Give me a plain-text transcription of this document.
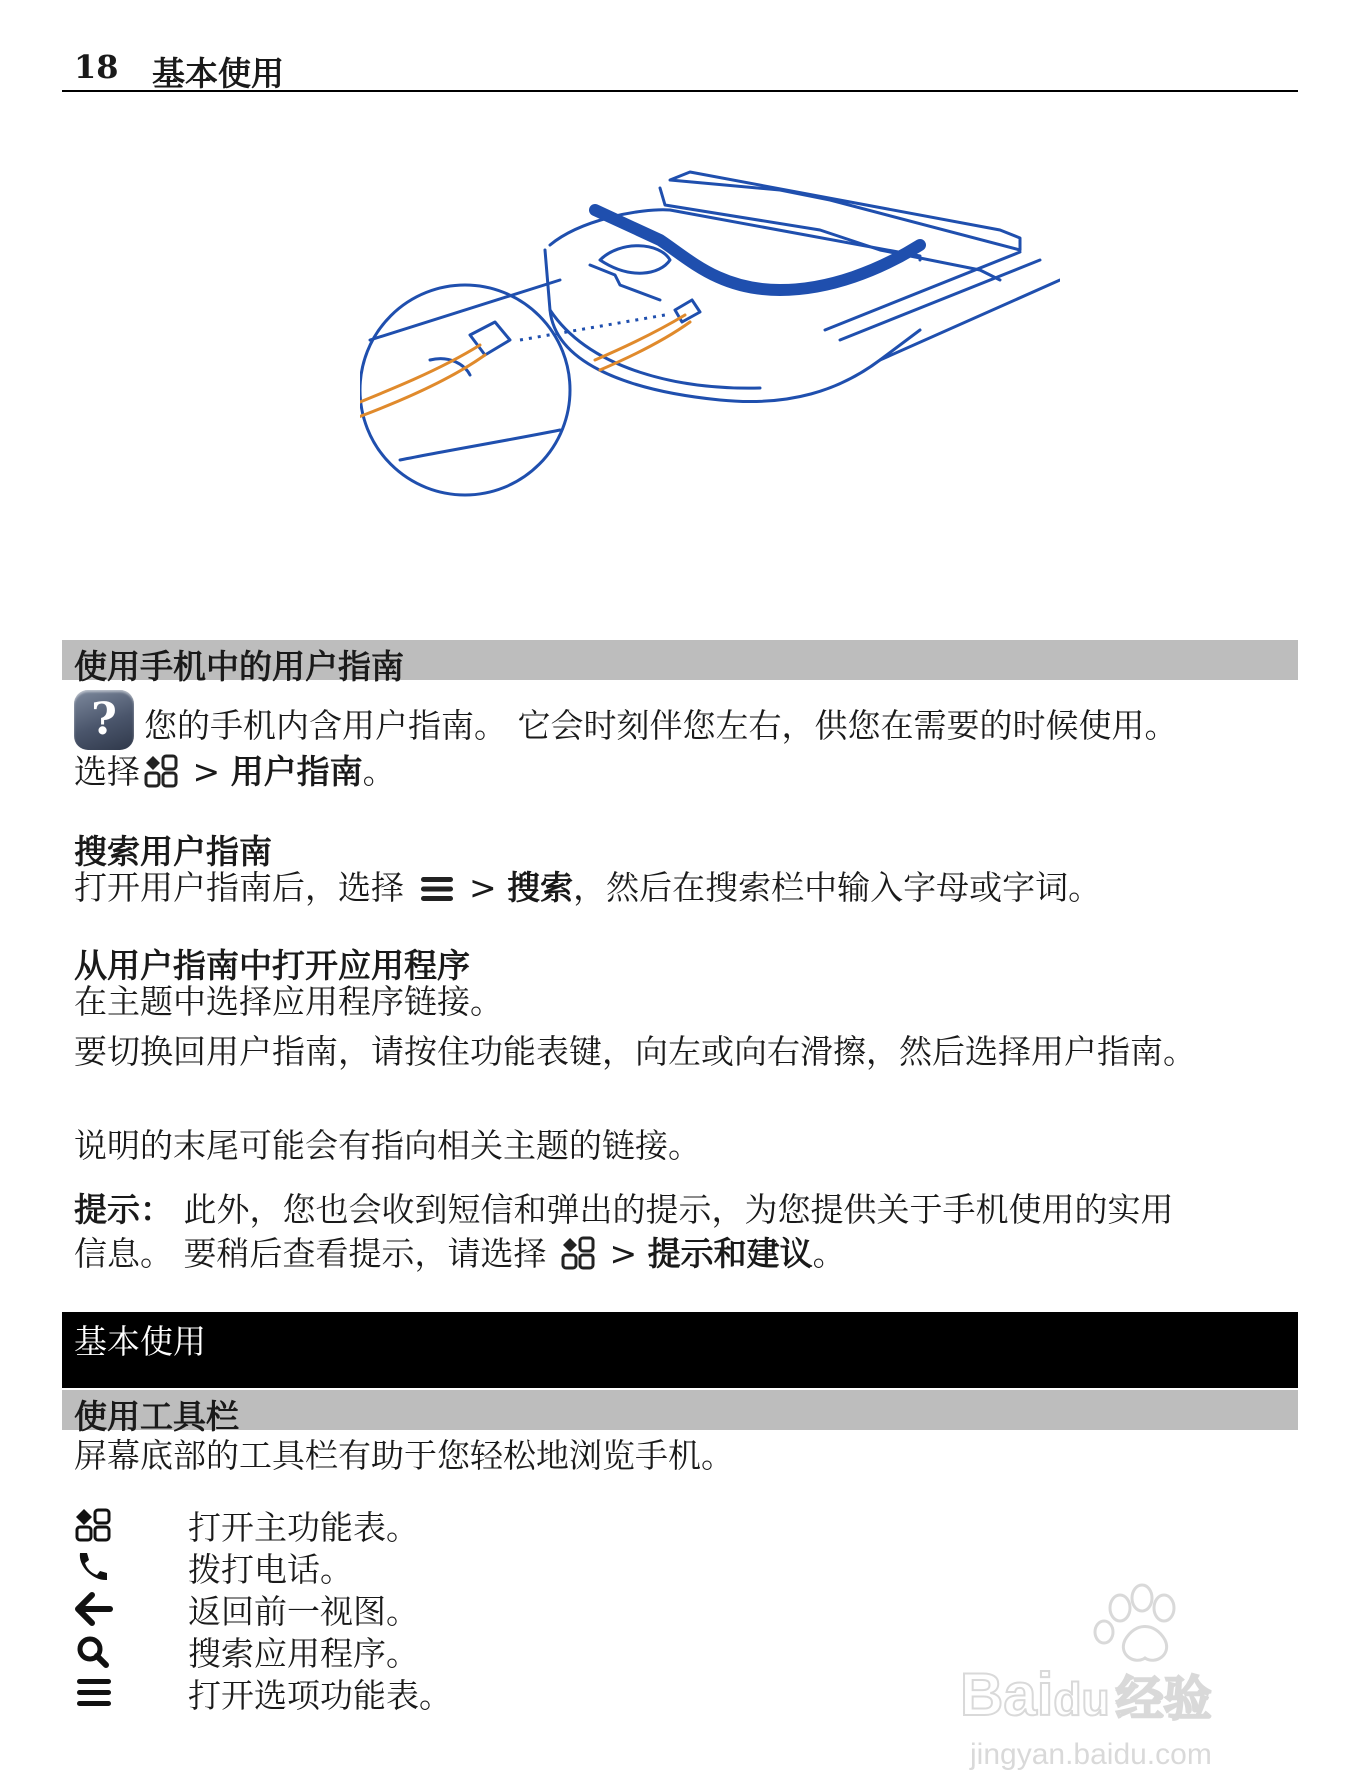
18 基本使用
使用手机中的用户指南
? 您的手机内含用户指南。 它会时刻伴您左右，供您在需要的时候使用。
选择 > 用户指南。
搜索用户指南
打开用户指南后，选择  > 搜索，然后在搜索栏中输入字母或字词。
从用户指南中打开应用程序
在主题中选择应用程序链接。
要切换回用户指南，请按住功能表键，向左或向右滑擦，然后选择用户指南。
说明的末尾可能会有指向相关主题的链接。
提示： 此外，您也会收到短信和弹出的提示，为您提供关于手机使用的实用
信息。 要稍后查看提示，请选择  > 提示和建议。
基本使用
使用工具栏
屏幕底部的工具栏有助于您轻松地浏览手机。
打开主功能表。
拨打电话。
返回前一视图。
搜索应用程序。
打开选项功能表。	Baidu 经验
jingyan.baidu.com
